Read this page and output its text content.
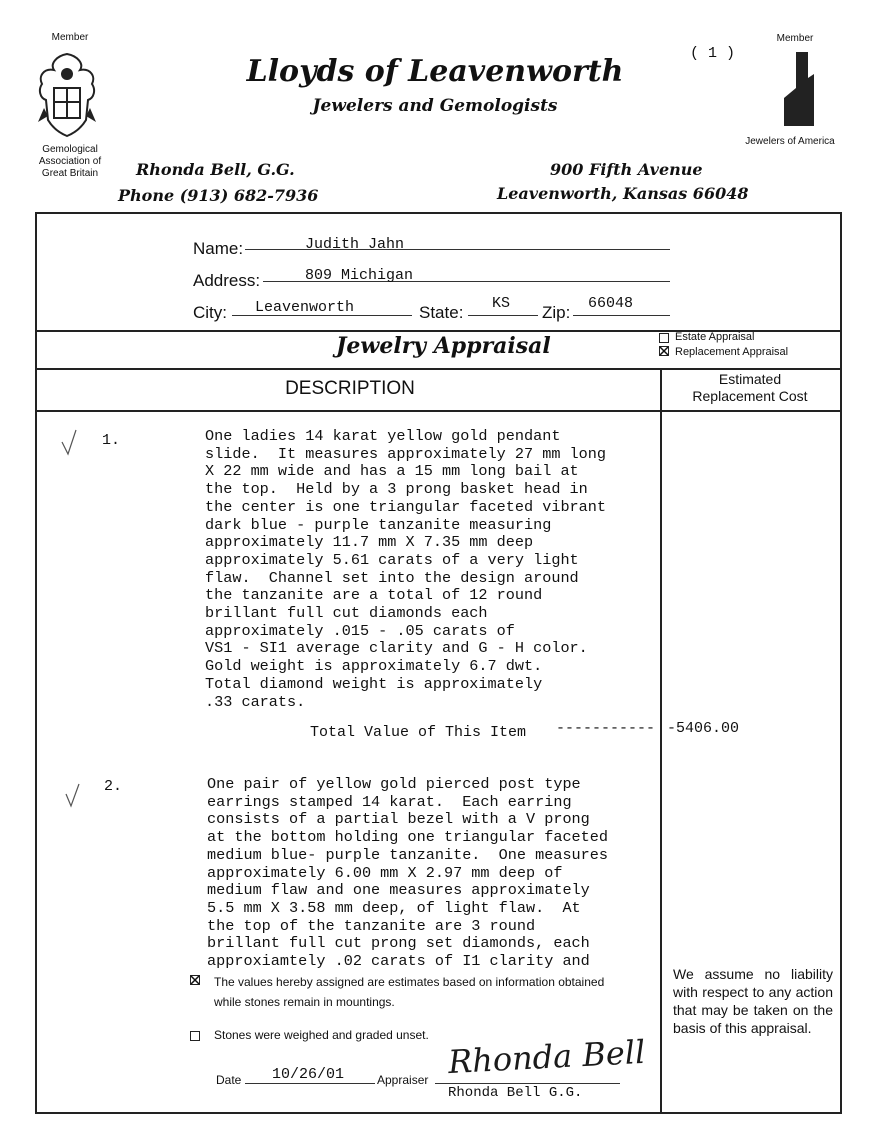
Member
Gemological
Association of
Great Britain
( 1 )
Member
Jewelers of America
Lloyds of Leavenworth
Jewelers and Gemologists
Rhonda Bell, G.G.
Phone (913) 682-7936
900 Fifth Avenue
Leavenworth, Kansas 66048
Name:	Judith Jahn
Address:	809 Michigan
City: Leavenworth	State: KS Zip: 66048
Jewelry Appraisal	Estate Appraisal
Replacement Appraisal
DESCRIPTION	Estimated Replacement Cost
1.	One ladies 14 karat yellow gold pendant
slide.  It measures approximately 27 mm long
X 22 mm wide and has a 15 mm long bail at
the top.  Held by a 3 prong basket head in
the center is one triangular faceted vibrant
dark blue - purple tanzanite measuring
approximately 11.7 mm X 7.35 mm deep
approximately 5.61 carats of a very light
flaw.  Channel set into the design around
the tanzanite are a total of 12 round
brillant full cut diamonds each
approximately .015 - .05 carats of
VS1 - SI1 average clarity and G - H color.
Gold weight is approximately 6.7 dwt.
Total diamond weight is approximately
.33 carats.
Total Value of This Item ----------- -5406.00
2.	One pair of yellow gold pierced post type
earrings stamped 14 karat.  Each earring
consists of a partial bezel with a V prong
at the bottom holding one triangular faceted
medium blue- purple tanzanite.  One measures
approximately 6.00 mm X 2.97 mm deep of
medium flaw and one measures approximately
5.5 mm X 3.58 mm deep, of light flaw.  At
the top of the tanzanite are 3 round
brillant full cut prong set diamonds, each
approxiamtely .02 carats of I1 clarity and
The values hereby assigned are estimates based on information obtained while stones remain in mountings.
Stones were weighed and graded unset.
We assume no liability with respect to any action that may be taken on the basis of this appraisal.
Date 10/26/01	Appraiser Rhonda Bell
Rhonda Bell G.G.
